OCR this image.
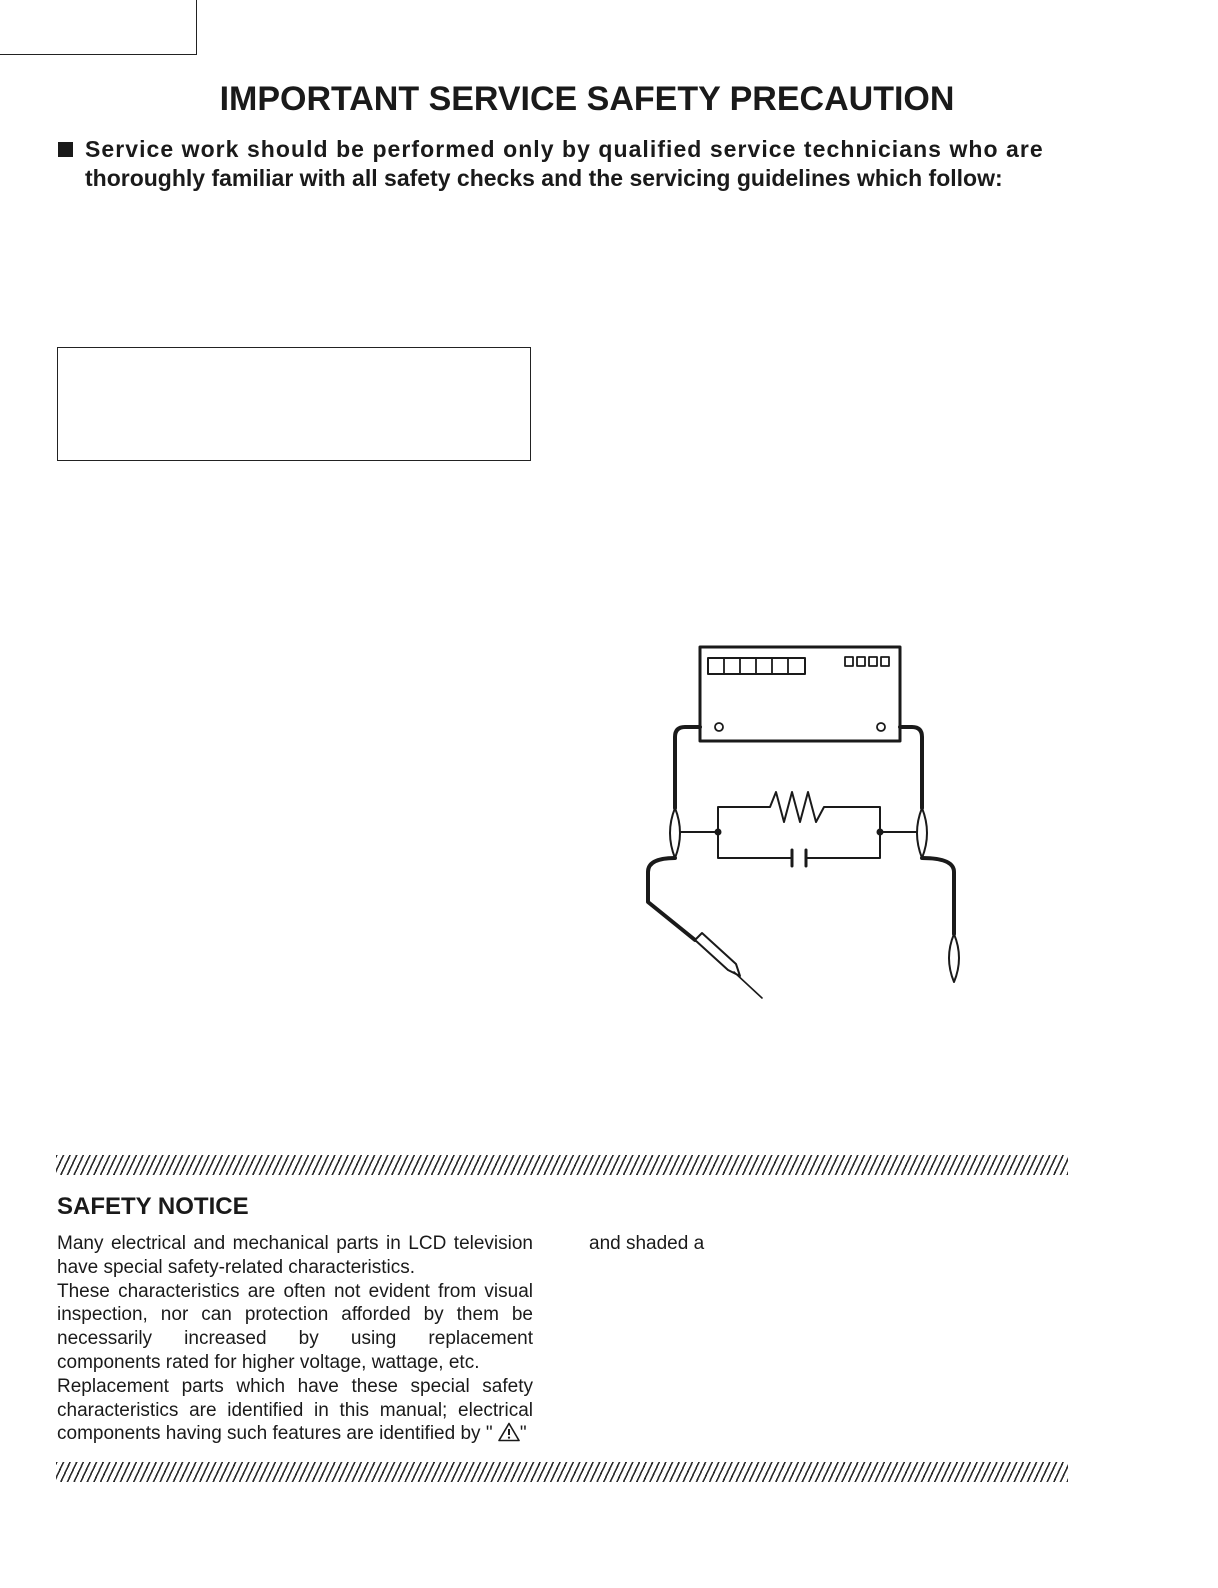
IMPORTANT SERVICE SAFETY PRECAUTION
Service work should be performed only by qualified service technicians who are
thoroughly familiar with all safety checks and the servicing guidelines which follow:
SAFETY NOTICE

Many electrical and mechanical parts in LCD television have special safety-related characteristics.

These characteristics are often not evident from visual inspection, nor can protection afforded by them be necessarily increased by using replacement components rated for higher voltage, wattage, etc.

Replacement parts which have these special safety characteristics are identified in this manual; electrical components having such features are identified by " "

and shaded a
